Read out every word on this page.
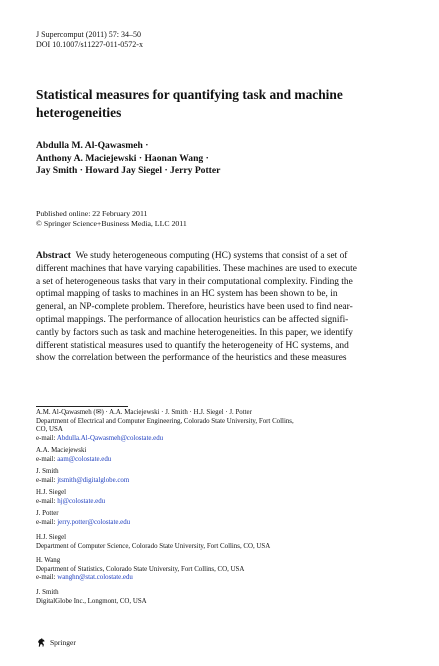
J Supercomput (2011) 57: 34–50
DOI 10.1007/s11227-011-0572-x
Statistical measures for quantifying task and machine
heterogeneities
Abdulla M. Al-Qawasmeh ·
Anthony A. Maciejewski · Haonan Wang ·
Jay Smith · Howard Jay Siegel · Jerry Potter
Published online: 22 February 2011
© Springer Science+Business Media, LLC 2011
Abstract We study heterogeneous computing (HC) systems that consist of a set of
different machines that have varying capabilities. These machines are used to execute
a set of heterogeneous tasks that vary in their computational complexity. Finding the
optimal mapping of tasks to machines in an HC system has been shown to be, in
general, an NP-complete problem. Therefore, heuristics have been used to find near-
optimal mappings. The performance of allocation heuristics can be affected signifi-
cantly by factors such as task and machine heterogeneities. In this paper, we identify
different statistical measures used to quantify the heterogeneity of HC systems, and
show the correlation between the performance of the heuristics and these measures
A.M. Al-Qawasmeh (✉) · A.A. Maciejewski · J. Smith · H.J. Siegel · J. Potter
Department of Electrical and Computer Engineering, Colorado State University, Fort Collins,
CO, USA
e-mail: Abdulla.Al-Qawasmeh@colostate.edu
A.A. Maciejewski
e-mail: aam@colostate.edu
J. Smith
e-mail: jtsmith@digitalglobe.com
H.J. Siegel
e-mail: hj@colostate.edu
J. Potter
e-mail: jerry.potter@colostate.edu
H.J. Siegel
Department of Computer Science, Colorado State University, Fort Collins, CO, USA
H. Wang
Department of Statistics, Colorado State University, Fort Collins, CO, USA
e-mail: wanghn@stat.colostate.edu
J. Smith
DigitalGlobe Inc., Longmont, CO, USA
Springer
